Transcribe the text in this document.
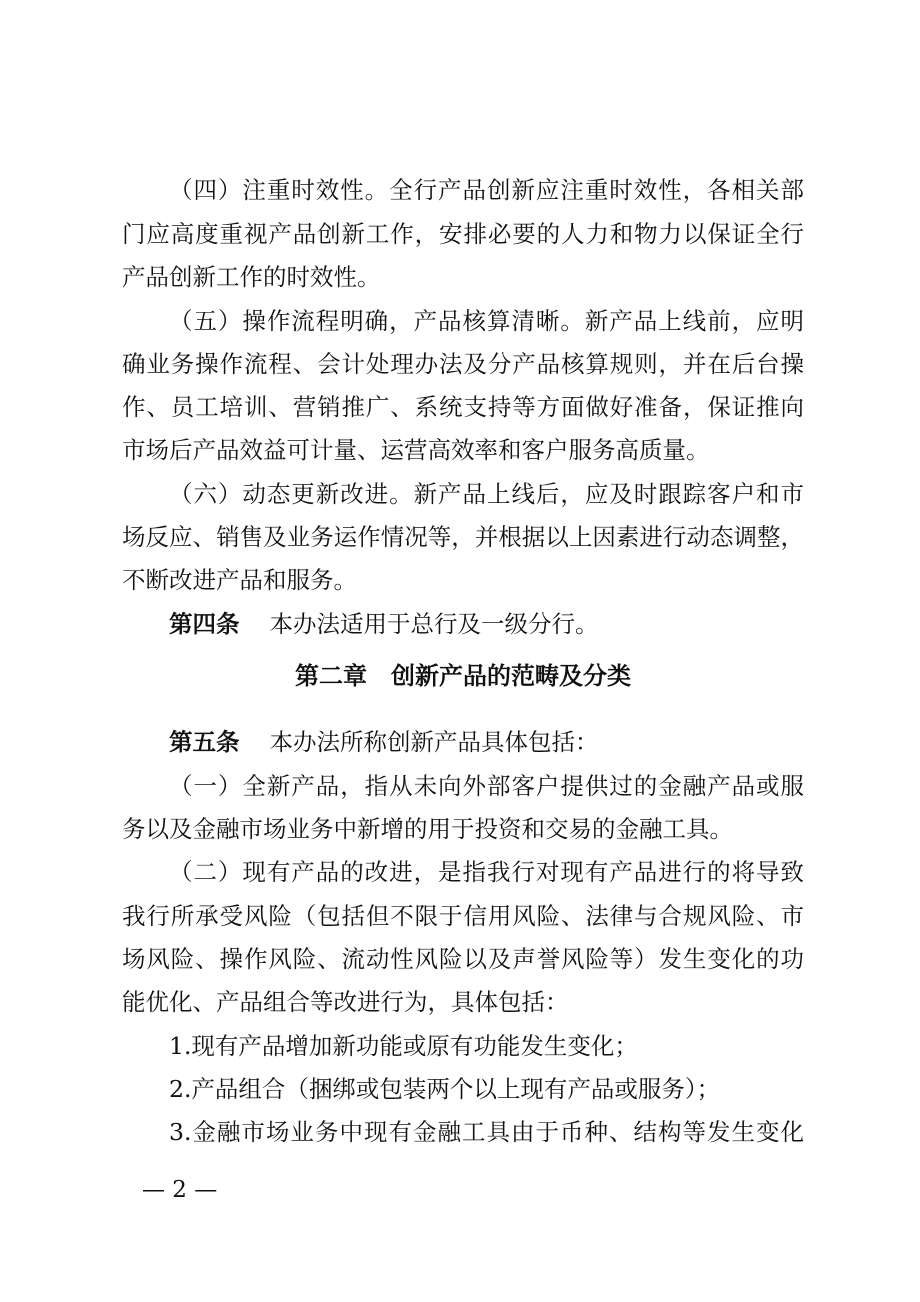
（四）注重时效性。全行产品创新应注重时效性，各相关部

门应高度重视产品创新工作，安排必要的人力和物力以保证全行

产品创新工作的时效性。

（五）操作流程明确，产品核算清晰。新产品上线前，应明

确业务操作流程、会计处理办法及分产品核算规则，并在后台操

作、员工培训、营销推广、系统支持等方面做好准备，保证推向

市场后产品效益可计量、运营高效率和客户服务高质量。

（六）动态更新改进。新产品上线后，应及时跟踪客户和市

场反应、销售及业务运作情况等，并根据以上因素进行动态调整，

不断改进产品和服务。

第四条 本办法适用于总行及一级分行。

第二章　创新产品的范畴及分类

第五条 本办法所称创新产品具体包括：

（一）全新产品，指从未向外部客户提供过的金融产品或服

务以及金融市场业务中新增的用于投资和交易的金融工具。

（二）现有产品的改进，是指我行对现有产品进行的将导致

我行所承受风险（包括但不限于信用风险、法律与合规风险、市

场风险、操作风险、流动性风险以及声誉风险等）发生变化的功

能优化、产品组合等改进行为，具体包括：

1.现有产品增加新功能或原有功能发生变化；

2.产品组合（捆绑或包装两个以上现有产品或服务）；

3.金融市场业务中现有金融工具由于币种、结构等发生变化

— 2 —
